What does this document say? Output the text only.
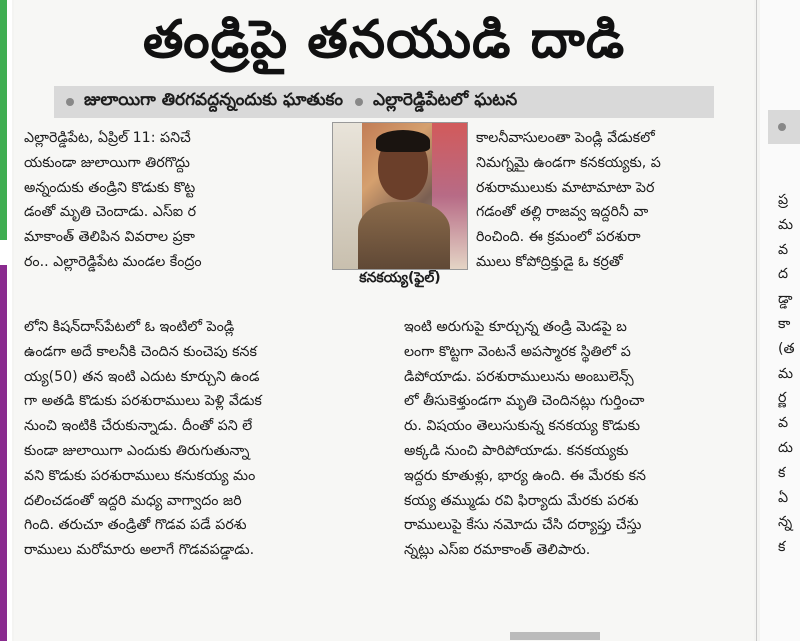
తండ్రిపై తనయుడి దాడి
జులాయిగా తిరగవద్దన్నందుకు ఘాతుకం ఎల్లారెడ్డిపేటలో ఘటన

ఎల్లారెడ్డిపేట, ఏప్రిల్ 11: పనిచే

యకుండా జులాయిగా తిరగొద్దు

అన్నందుకు తండ్రిని కొడుకు కొట్ట

డంతో మృతి చెందాడు. ఎస్ఐ ర

మాకాంత్ తెలిపిన వివరాల ప్రకా

రం.. ఎల్లారెడ్డిపేట మండల కేంద్రం

లోని కిషన్‌దాస్‌పేటలో ఓ ఇంటిలో పెండ్లి

ఉండగా అదే కాలనీకి చెందిన కుంచెపు కనక

య్య(50) తన ఇంటి ఎదుట కూర్చుని ఉండ

గా అతడి కొడుకు పరశురాములు పెళ్లి వేడుక

నుంచి ఇంటికి చేరుకున్నాడు. దీంతో పని లే

కుండా జులాయిగా ఎందుకు తిరుగుతున్నా

వని కొడుకు పరశురాములు కనుకయ్య మం

దలించడంతో ఇద్దరి మధ్య వాగ్వాదం జరి

గింది. తరుచూ తండ్రితో గొడవ పడే పరశు

రాములు మరోమారు అలాగే గొడవపడ్డాడు.

కనకయ్య(ఫైల్)

కాలనీవాసులంతా పెండ్లి వేడుకలో

నిమగ్నమై ఉండగా కనకయ్యకు, ప

రశురాములుకు మాటామాటా పెర

గడంతో తల్లి రాజవ్వ ఇద్దరినీ వా

రించింది. ఈ క్రమంలో పరశురా

ములు కోపోద్రిక్తుడై ఓ కర్రతో

ఇంటి అరుగుపై కూర్చున్న తండ్రి మెడపై బ

లంగా కొట్టగా వెంటనే అపస్మారక స్థితిలో ప

డిపోయాడు. పరశురాములును అంబులెన్స్

లో తీసుకెళ్తుండగా మృతి చెందినట్లు గుర్తించా

రు. విషయం తెలుసుకున్న కనకయ్య కొడుకు

అక్కడి నుంచి పారిపోయాడు. కనకయ్యకు

ఇద్దరు కూతుళ్లు, భార్య ఉంది. ఈ మేరకు కన

కయ్య తమ్ముడు రవి ఫిర్యాదు మేరకు పరశు

రాములుపై కేసు నమోదు చేసి దర్యాప్తు చేస్తు

న్నట్లు ఎస్ఐ రమాకాంత్ తెలిపారు.

ప్ర
మ
వ
ద
డ్డా
కా
(త
మ
ర్ణ
వ
దు
క
ఏ
న్న
క
